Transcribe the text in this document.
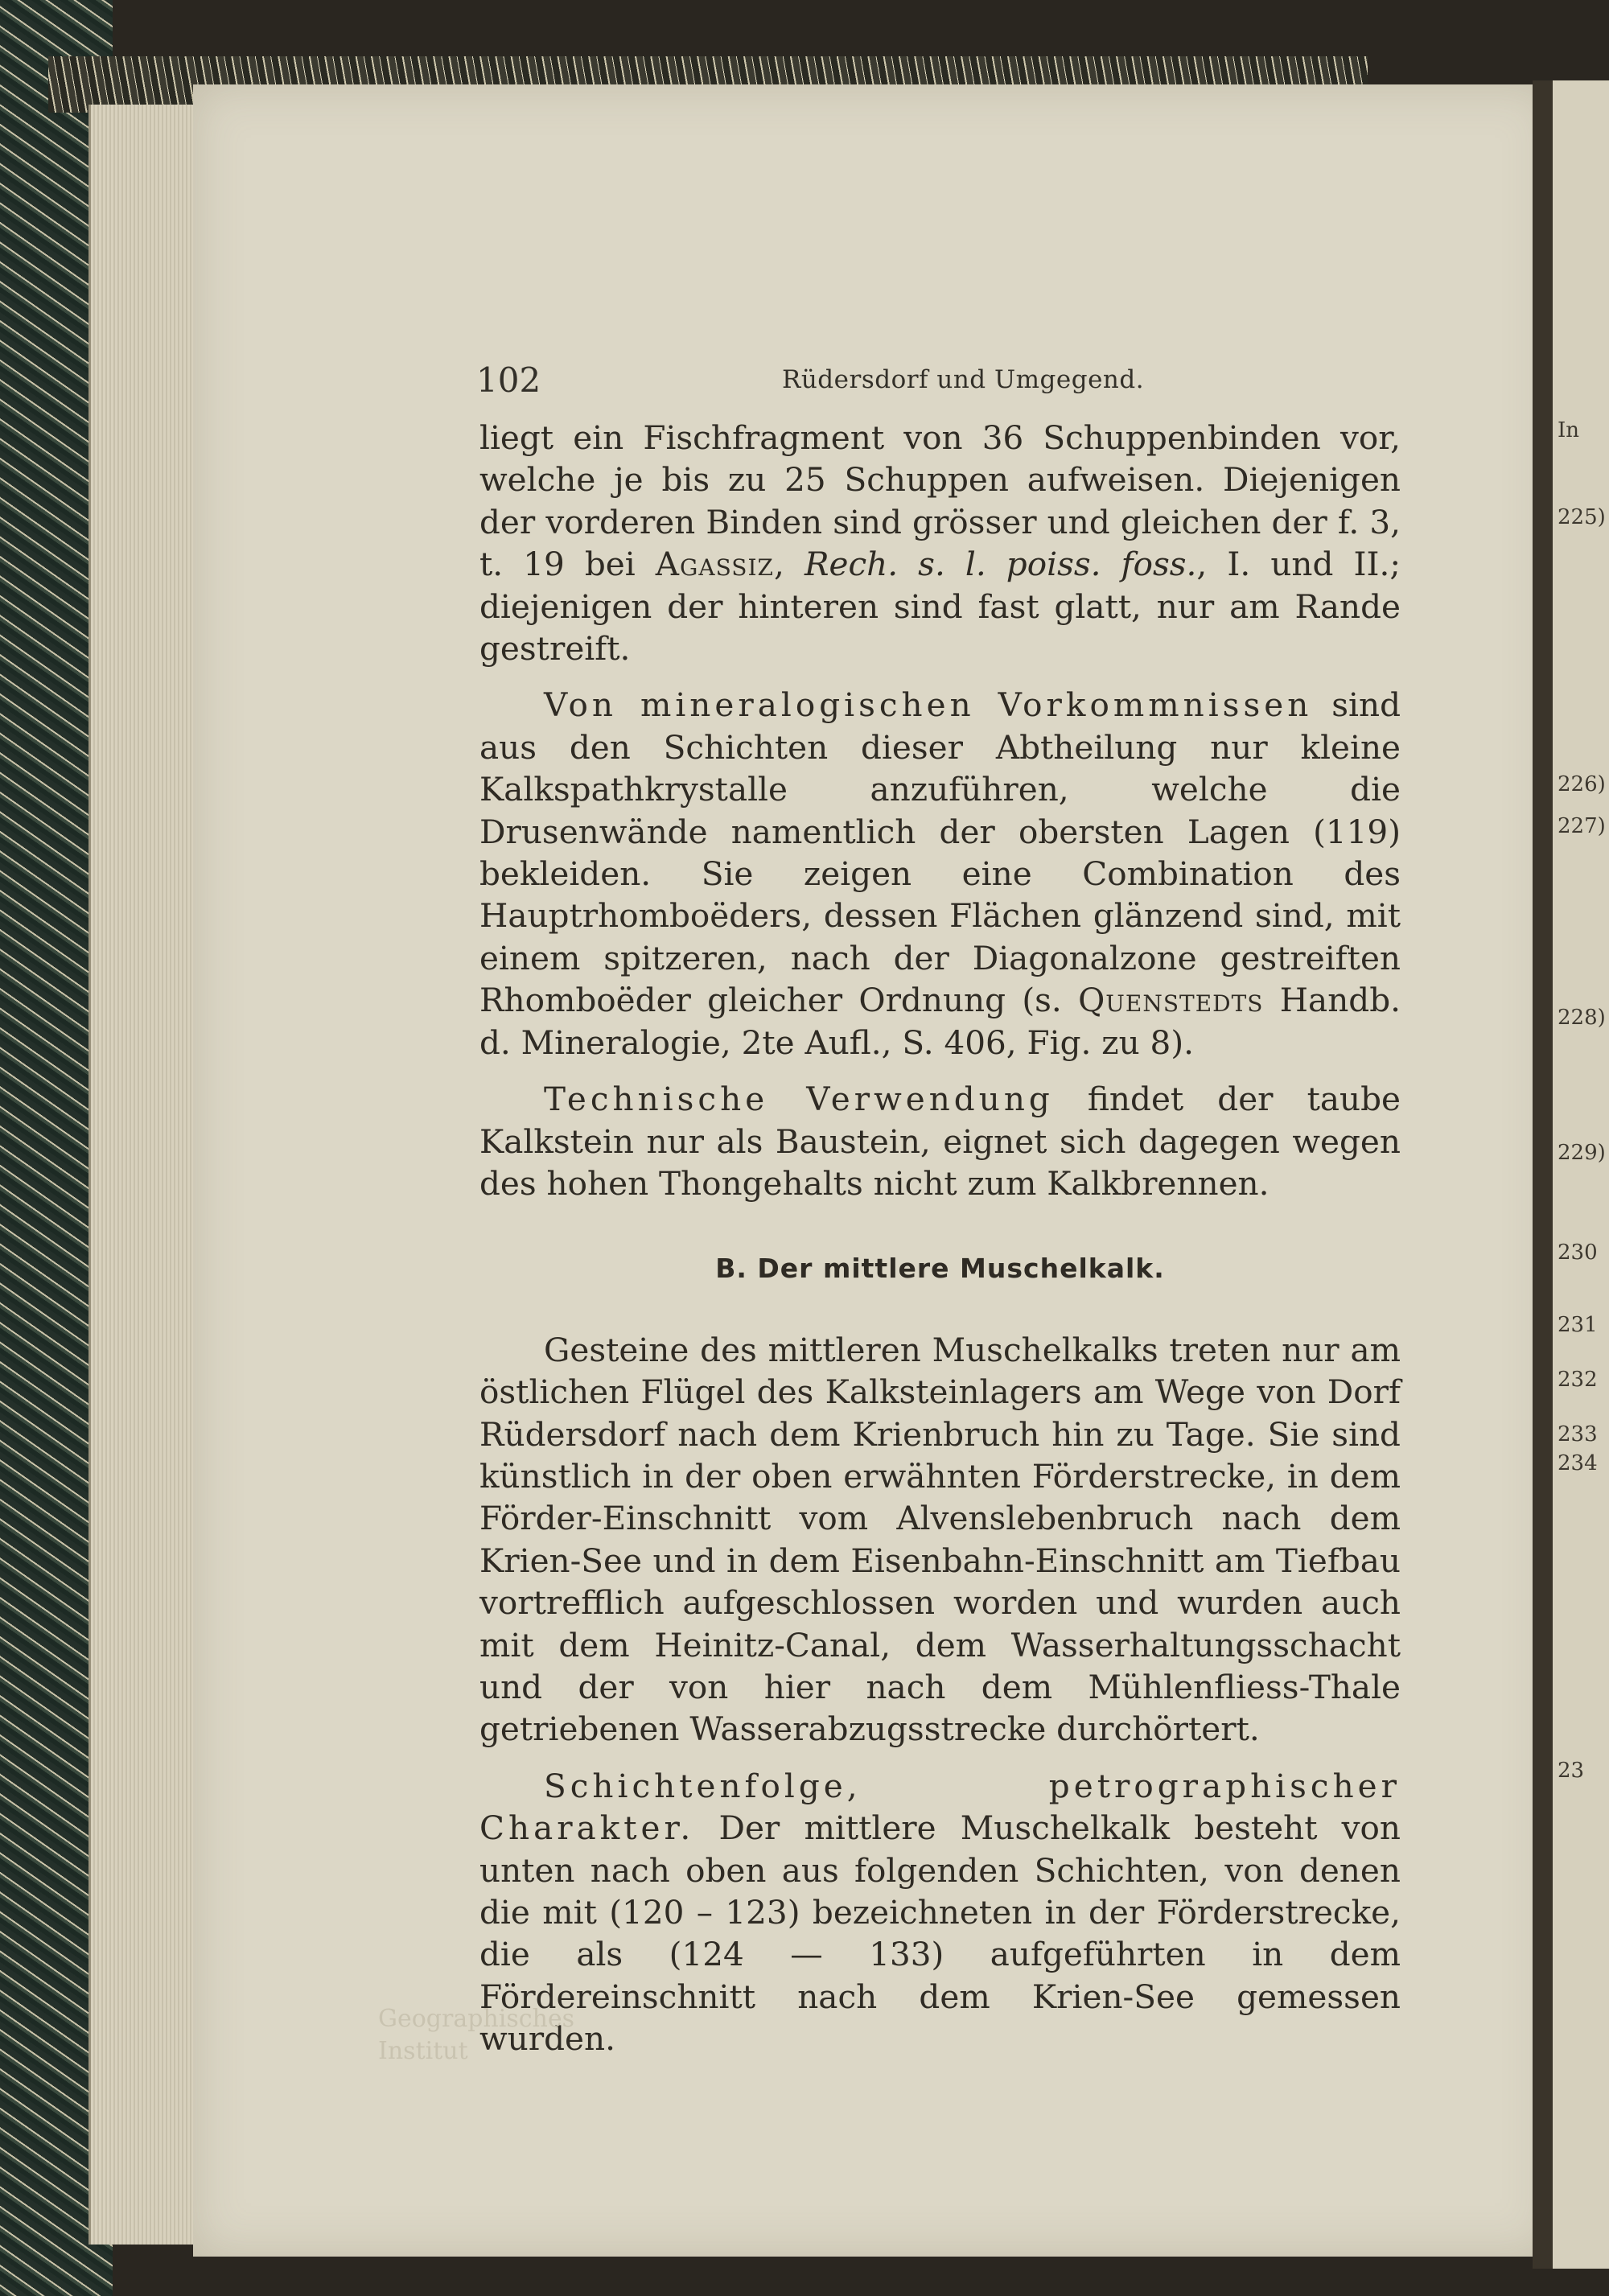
In
225)
226)
227)
228)
229)
230
231
232
233
234
23
102	Rüdersdorf und Umgegend.

liegt ein Fischfragment von 36 Schuppenbinden vor, welche je bis zu 25 Schuppen aufweisen. Diejenigen der vorderen Binden sind grösser und gleichen der f. 3, t. 19 bei Agassiz, Rech. s. l. poiss. foss., I. und II.; diejenigen der hinteren sind fast glatt, nur am Rande gestreift.

Von mineralogischen Vorkommnissen sind aus den Schichten dieser Abtheilung nur kleine Kalkspathkrystalle anzuführen, welche die Drusenwände namentlich der obersten Lagen (119) bekleiden. Sie zeigen eine Combination des Hauptrhomboëders, dessen Flächen glänzend sind, mit einem spitzeren, nach der Diagonalzone gestreiften Rhomboëder gleicher Ordnung (s. Quenstedts Handb. d. Mineralogie, 2te Aufl., S. 406, Fig. zu 8).

Technische Verwendung findet der taube Kalkstein nur als Baustein, eignet sich dagegen wegen des hohen Thongehalts nicht zum Kalkbrennen.

B. Der mittlere Muschelkalk.

Gesteine des mittleren Muschelkalks treten nur am östlichen Flügel des Kalksteinlagers am Wege von Dorf Rüdersdorf nach dem Krienbruch hin zu Tage. Sie sind künstlich in der oben erwähnten Förderstrecke, in dem Förder-Einschnitt vom Alvenslebenbruch nach dem Krien-See und in dem Eisenbahn-Einschnitt am Tiefbau vortrefflich aufgeschlossen worden und wurden auch mit dem Heinitz-Canal, dem Wasserhaltungsschacht und der von hier nach dem Mühlenfliess-Thale getriebenen Wasserabzugsstrecke durchörtert.

Schichtenfolge, petrographischer Charakter. Der mittlere Muschelkalk besteht von unten nach oben aus folgenden Schichten, von denen die mit (120 – 123) bezeichneten in der Förderstrecke, die als (124 — 133) aufgeführten in dem Fördereinschnitt nach dem Krien-See gemessen wurden.

Geographisches
Institut
